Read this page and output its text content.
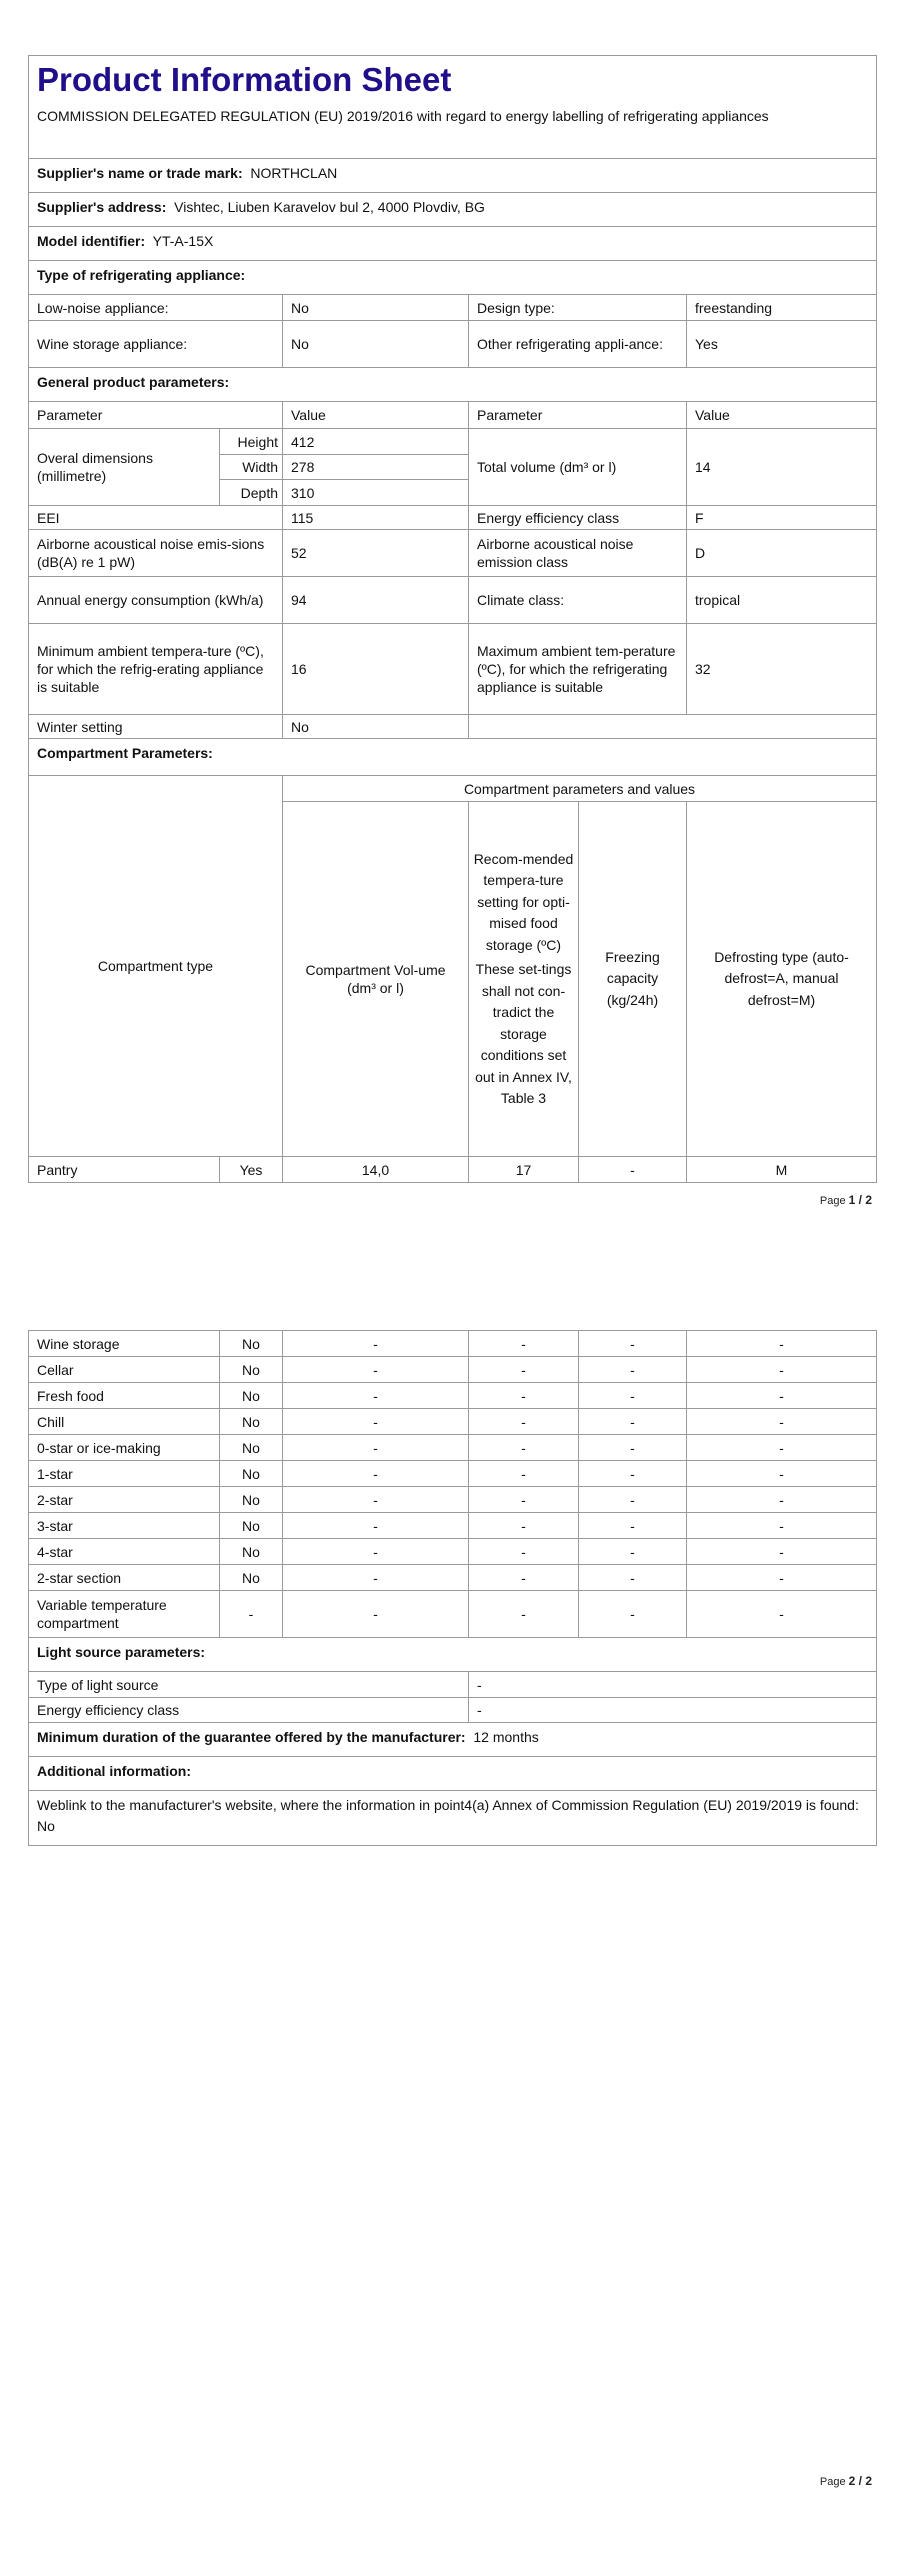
Product Information Sheet
COMMISSION DELEGATED REGULATION (EU) 2019/2016 with regard to energy labelling of refrigerating appliances					

Supplier's name or trade mark: NORTHCLAN					
Supplier's address: Vishtec, Liuben Karavelov bul 2, 4000 Plovdiv, BG					
Model identifier: YT-A-15X					
Type of refrigerating appliance:					
Low-noise appliance:		No	Design type:		freestanding
Wine storage appliance:		No	Other refrigerating appli-ance:		Yes
General product parameters:					
Parameter		Value	Parameter		Value
Overal dimensions (millimetre)	Height	412	Total volume (dm³ or l)		14
	Width	278			
	Depth	310			
EEI		115	Energy efficiency class		F
Airborne acoustical noise emis-sions (dB(A) re 1 pW)		52	Airborne acoustical noise emission class		D
Annual energy consumption (kWh/a)		94	Climate class:		tropical
Minimum ambient tempera-ture (ºC), for which the refrig-erating appliance is suitable		16	Maximum ambient tem-perature (ºC), for which the refrigerating appliance is suitable		32
Winter setting		No			
Compartment Parameters:					
Compartment type		Compartment parameters and values			
		Compartment Vol-ume (dm³ or l)	Recom-mended tempera-ture setting for opti-mised food storage (ºC)
These set-tings shall not con-tradict the storage conditions set out in Annex IV, Table 3	Freezing capacity (kg/24h)	Defrosting type (auto-defrost=A, manual defrost=M)
Pantry	Yes	14,0	17	-	M
Page 1 / 2
Wine storage	No	-	-	-	-
Cellar	No	-	-	-	-
Fresh food	No	-	-	-	-
Chill	No	-	-	-	-
0-star or ice-making	No	-	-	-	-
1-star	No	-	-	-	-
2-star	No	-	-	-	-
3-star	No	-	-	-	-
4-star	No	-	-	-	-
2-star section	No	-	-	-	-
Variable temperature compartment	-	-	-	-	-
Light source parameters:					
Type of light source			-		
Energy efficiency class			-		
Minimum duration of the guarantee offered by the manufacturer: 12 months					
Additional information:					
Weblink to the manufacturer's website, where the information in point4(a) Annex of Commission Regulation (EU) 2019/2019 is found:  No					
Page 2 / 2
